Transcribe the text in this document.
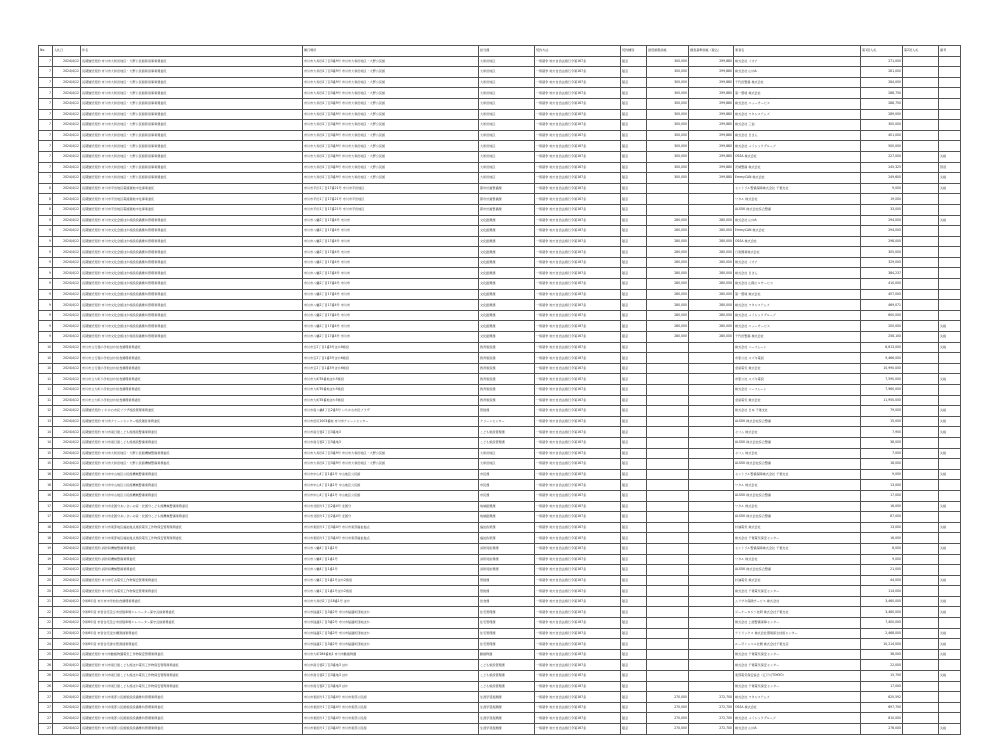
No.	入札日	件名	履行場所	担当課	契約方法	契約種別	最低制限価格	調査基準価格（税込）	業者名	第1回入札	第2回入札	備考
7	2024/4/12	長期継続契約 市川市大和田地区・大野公民館新設事業費委託	市川市大和田1丁目3番9号 市川市大和田地区・大野公民館	大和田地区	一般競争 地方自治法施行令第167条	随意	300,000	299,880	株式会社 イオア	271,000		
7	2024/4/12	長期継続契約 市川市大和田地区・大野公民館新設事業費委託	市川市大和田1丁目3番9号 市川市大和田地区・大野公民館	大和田地区	一般競争 地方自治法施行令第167条	随意	300,000	299,880	株式会社 山中A	281,000		
7	2024/4/12	長期継続契約 市川市大和田地区・大野公民館新設事業費委託	市川市大和田1丁目3番9号 市川市大和田地区・大野公民館	大和田地区	一般競争 地方自治法施行令第167条	随意	300,000	299,880	千代田警備 株式会社	284,000		
7	2024/4/12	長期継続契約 市川市大和田地区・大野公民館新設事業費委託	市川市大和田1丁目3番9号 市川市大和田地区・大野公民館	大和田地区	一般競争 地方自治法施行令第167条	随意	300,000	299,880	第一環境 株式会社	288,750		
7	2024/4/12	長期継続契約 市川市大和田地区・大野公民館新設事業費委託	市川市大和田1丁目3番9号 市川市大和田地区・大野公民館	大和田地区	一般競争 地方自治法施行令第167条	随意	300,000	299,880	株式会社 ニューサービス	288,750		
7	2024/4/12	長期継続契約 市川市大和田地区・大野公民館新設事業費委託	市川市大和田1丁目3番9号 市川市大和田地区・大野公民館	大和田地区	一般競争 地方自治法施行令第167条	随意	300,000	299,880	株式会社 ワタシステムズ	289,000		
7	2024/4/12	長期継続契約 市川市大和田地区・大野公民館新設事業費委託	市川市大和田1丁目3番9号 市川市大和田地区・大野公民館	大和田地区	一般競争 地方自治法施行令第167条	随意	300,000	299,880	株式会社 三信	300,000		
7	2024/4/12	長期継続契約 市川市大和田地区・大野公民館新設事業費委託	市川市大和田1丁目3番9号 市川市大和田地区・大野公民館	大和田地区	一般競争 地方自治法施行令第167条	随意	300,000	299,880	株式会社 日さん	401,000		
7	2024/4/12	長期継続契約 市川市大和田地区・大野公民館新設事業費委託	市川市大和田1丁目3番9号 市川市大和田地区・大野公民館	大和田地区	一般競争 地方自治法施行令第167条	随意	300,000	299,880	株式会社 メイシックグループ	500,000		
7	2024/4/12	長期継続契約 市川市大和田地区・大野公民館新設事業費委託	市川市大和田1丁目3番9号 市川市大和田地区・大野公民館	大和田地区	一般競争 地方自治法施行令第167条	随意	300,000	299,880	OSSA 株式会社	227,000		失格
7	2024/4/12	長期継続契約 市川市大和田地区・大野公民館新設事業費委託	市川市大和田1丁目3番9号 市川市大和田地区・大野公民館	大和田地区	一般競争 地方自治法施行令第167条	随意	300,000	299,880	茨城警備 株式会社	245,325		辞退
7	2024/4/12	長期継続契約 市川市大和田地区・大野公民館新設事業費委託	市川市大和田1丁目3番9号 市川市大和田地区・大野公民館	大和田地区	一般競争 地方自治法施行令第167条	随意	300,000	299,880	EmmyCAN 株式会社	249,600		失格
8	2024/4/12	長期継続契約 市川市平田地区電線類地中化事業委託	市川市平田1丁目17番21号 市川市平田地区	都市計画整備課	一般競争 地方自治法施行令第167条	随意			セントラル警備保障株式会社 千葉支社	9,000		失格
8	2024/4/12	長期継続契約 市川市平田地区電線類地中化事業委託	市川市平田1丁目17番21号 市川市平田地区	都市計画整備課	一般競争 地方自治法施行令第167条	随意			ワタル 株式会社	19,000		
8	2024/4/12	長期継続契約 市川市平田地区電線類地中化事業委託	市川市平田1丁目17番21号 市川市平田地区	都市計画整備課	一般競争 地方自治法施行令第167条	随意			ALSOK 株式会社綜合警備	33,000		
9	2024/4/12	長期継続契約 市川市文化会館ほか施設設備維持管理業務委託	市川市八幡2丁目17番4号 市川市	文化振興課	一般競争 地方自治法施行令第167条	随意	280,000	280,000	株式会社 山中A	294,000		失格
9	2024/4/12	長期継続契約 市川市文化会館ほか施設設備維持管理業務委託	市川市八幡2丁目17番4号 市川市	文化振興課	一般競争 地方自治法施行令第167条	随意	280,000	280,000	EmmyCAN 株式会社	294,000		
9	2024/4/12	長期継続契約 市川市文化会館ほか施設設備維持管理業務委託	市川市八幡2丁目17番4号 市川市	文化振興課	一般競争 地方自治法施行令第167条	随意	280,000	280,000	OSSA 株式会社	298,000		
9	2024/4/12	長期継続契約 市川市文化会館ほか施設設備維持管理業務委託	市川市八幡2丁目17番4号 市川市	文化振興課	一般競争 地方自治法施行令第167条	随意	280,000	280,000	日東興業株式会社	305,000		
9	2024/4/12	長期継続契約 市川市文化会館ほか施設設備維持管理業務委託	市川市八幡2丁目17番4号 市川市	文化振興課	一般競争 地方自治法施行令第167条	随意	280,000	280,000	株式会社 イオア	329,000		
9	2024/4/12	長期継続契約 市川市文化会館ほか施設設備維持管理業務委託	市川市八幡2丁目17番4号 市川市	文化振興課	一般競争 地方自治法施行令第167条	随意	280,000	280,000	株式会社 日さん	384,237		
9	2024/4/12	長期継続契約 市川市文化会館ほか施設設備維持管理業務委託	市川市八幡2丁目17番4号 市川市	文化振興課	一般競争 地方自治法施行令第167条	随意	280,000	280,000	株式会社 山陽ビルサービス	410,000		
9	2024/4/12	長期継続契約 市川市文化会館ほか施設設備維持管理業務委託	市川市八幡2丁目17番4号 市川市	文化振興課	一般競争 地方自治法施行令第167条	随意	280,000	280,000	第一環境 株式会社	457,000		
9	2024/4/12	長期継続契約 市川市文化会館ほか施設設備維持管理業務委託	市川市八幡2丁目17番4号 市川市	文化振興課	一般競争 地方自治法施行令第167条	随意	280,000	280,000	株式会社 ワタシステムズ	469,071		
9	2024/4/12	長期継続契約 市川市文化会館ほか施設設備維持管理業務委託	市川市八幡2丁目17番4号 市川市	文化振興課	一般競争 地方自治法施行令第167条	随意	280,000	280,000	株式会社 メイシックグループ	600,000		
9	2024/4/12	長期継続契約 市川市文化会館ほか施設設備維持管理業務委託	市川市八幡2丁目17番4号 市川市	文化振興課	一般競争 地方自治法施行令第167条	随意	280,000	280,000	株式会社 ニューサービス	200,000		失格
9	2024/4/12	長期継続契約 市川市文化会館ほか施設設備維持管理業務委託	市川市八幡2丁目17番4号 市川市	文化振興課	一般競争 地方自治法施行令第167条	随意	280,000	280,000	千代田警備 株式会社	258,100		失格
10	2024/4/12	市川市立行徳小学校ほか給食調理業務委託	市川市宝2丁目1番5号ほか6施設	教育施設課	一般競争 地方自治法施行令第167条	随意			株式会社 ハーフムーン	8,613,000		失格
10	2024/4/12	市川市立行徳小学校ほか給食調理業務委託	市川市宝2丁目1番5号ほか6施設	教育施設課	一般競争 地方自治法施行令第167条	随意			市原公社 スズキ電設	9,466,000		
10	2024/4/12	市川市立行徳小学校ほか給食調理業務委託	市川市宝2丁目1番5号ほか6施設	教育施設課	一般競争 地方自治法施行令第167条	随意			金星電気 株式会社	10,990,000		
11	2024/4/12	市川市立大町小学校ほか給食調理業務委託	市川市大町55番地ほか5施設	教育施設課	一般競争 地方自治法施行令第167条	随意			市原公社 スズキ電設	7,590,000		失格
11	2024/4/12	市川市立大町小学校ほか給食調理業務委託	市川市大町55番地ほか5施設	教育施設課	一般競争 地方自治法施行令第167条	随意			株式会社 ハーフムーン	7,960,000		
11	2024/4/12	市川市立大町小学校ほか給食調理業務委託	市川市大町55番地ほか5施設	教育施設課	一般競争 地方自治法施行令第167条	随意			金星電気 株式会社	11,950,000		
12	2024/4/12	長期継続契約 いちかわ市民プラザ施設管理業務委託	市川市南八幡4丁目2番5号 いちかわ市民プラザ	管財課	一般競争 地方自治法施行令第167条	随意			株式会社 日本 千葉支社	79,000		失格
13	2024/4/12	長期継続契約 市川市クリーンセンター施設運営業務委託	市川市田尻1003番地 市川市クリーンセンター	クリーンセンター	一般競争 地方自治法施行令第167条	随意			ALSOK 株式会社綜合警備	15,000		失格
14	2024/4/12	長期継続契約 市川市南行徳こども館施設警備業務委託	市川市南行徳2丁目3番地3	こども施設管理課	一般競争 地方自治法施行令第167条	随意			セコム 株式会社	7,900		失格
14	2024/4/12	長期継続契約 市川市南行徳こども館施設警備業務委託	市川市南行徳2丁目3番地3	こども施設管理課	一般競争 地方自治法施行令第167条	随意			ALSOK 株式会社綜合警備	38,000		
15	2024/4/12	長期継続契約 市川市大和田地区・大野公民館機械警備業務委託	市川市大和田1丁目3番9号 市川市大和田地区・大野公民館	大和田地区	一般競争 地方自治法施行令第167条	随意			セコム 株式会社	7,000		失格
15	2024/4/12	長期継続契約 市川市大和田地区・大野公民館機械警備業務委託	市川市大和田1丁目3番9号 市川市大和田地区・大野公民館	大和田地区	一般競争 地方自治法施行令第167条	随意			ALSOK 株式会社綜合警備	16,000		
16	2024/4/12	長期継続契約 市川市中山地区公民館機械警備業務委託	市川市中山4丁目1番1号 中山地区公民館	市民課	一般競争 地方自治法施行令第167条	随意			セントラル警備保障株式会社 千葉支社	9,000		失格
16	2024/4/12	長期継続契約 市川市中山地区公民館機械警備業務委託	市川市中山4丁目1番1号 中山地区公民館	市民課	一般競争 地方自治法施行令第167条	随意			ワタル 株式会社	13,000		
16	2024/4/12	長期継続契約 市川市中山地区公民館機械警備業務委託	市川市中山4丁目1番1号 中山地区公民館	市民課	一般競争 地方自治法施行令第167条	随意			ALSOK 株式会社綜合警備	17,000		
17	2024/4/12	長期継続契約 市川市北国分あいさいの家・北国分こども館機械警備業務委託	市川市北国分1丁目2番4号 北国分	地域振興課	一般競争 地方自治法施行令第167条	随意			ワタル 株式会社	16,000		失格
17	2024/4/12	長期継続契約 市川市北国分あいさいの家・北国分こども館機械警備業務委託	市川市北国分1丁目2番4号 北国分	地域振興課	一般競争 地方自治法施行令第167条	随意			ALSOK 株式会社綜合警備	87,000		
18	2024/4/12	長期継続契約 市川市東部地区福祉拠点施設電気工作物保安管理業務委託	市川市東国分1丁目3番4号 市川市東部福祉拠点	福祉政策課	一般競争 地方自治法施行令第167条	随意			杉浦電気 株式会社	13,000		失格
18	2024/4/12	長期継続契約 市川市東部地区福祉拠点施設電気工作物保安管理業務委託	市川市東国分1丁目3番4号 市川市東部福祉拠点	福祉政策課	一般競争 地方自治法施行令第167条	随意			株式会社 千葉電気保安センター	16,000		
19	2024/4/12	長期継続契約 消防局機械警備業務委託	市川市八幡4丁目1番1号	消防局総務課	一般競争 地方自治法施行令第167条	随意			セントラル警備保障株式会社 千葉支社	8,000		失格
19	2024/4/12	長期継続契約 消防局機械警備業務委託	市川市八幡4丁目1番1号	消防局総務課	一般競争 地方自治法施行令第167条	随意			ワタル 株式会社	9,000		
19	2024/4/12	長期継続契約 消防局機械警備業務委託	市川市八幡4丁目1番1号	消防局総務課	一般競争 地方自治法施行令第167条	随意			ALSOK 株式会社綜合警備	21,000		
20	2024/4/12	長期継続契約 市川市庁舎電気工作物保安管理業務委託	市川市八幡1丁目1番1号ほか2施設	管財課	一般競争 地方自治法施行令第167条	随意			杉浦電気 株式会社	44,000		失格
20	2024/4/12	長期継続契約 市川市庁舎電気工作物保安管理業務委託	市川市八幡1丁目1番1号ほか2施設	管財課	一般競争 地方自治法施行令第167条	随意			株式会社 千葉電気保安センター	114,000		
21	2024/4/12	令和6年度 市川市中学校給食調理業務委託	市川市大和田2丁目18番1号 ほか	給食課	一般競争 地方自治法施行令第167条	随意			ムラサキ保険サービス 株式会社	3,460,000		失格
22	2024/4/12	令和6年度 市営住宅及び市営駐車場エレベーター保守点検業務委託	市川市稲越1丁目3番2号 市川市稲越町団地ほか	住宅管理課	一般競争 地方自治法施行令第167条	随意			ジーケーロジソ技研 株式会社千葉支社	3,480,000		失格
22	2024/4/12	令和6年度 市営住宅及び市営駐車場エレベーター保守点検業務委託	市川市稲越1丁目3番2号 市川市稲越町団地ほか	住宅管理課	一般競争 地方自治法施行令第167条	随意			株式会社 上総警備保障センター	7,400,000		
23	2024/4/12	令和6年度 市営住宅受水槽清掃業務委託	市川市稲越1丁目3番2号 市川市稲越町団地ほか	住宅管理課	一般競争 地方自治法施行令第167条	随意			テトラックス 株式会社環境保全技術センター	2,468,000		失格
24	2024/4/12	令和6年度 市営住宅排水管清掃業務委託	市川市稲越1丁目3番2号 市川市稲越町団地ほか	住宅管理課	一般競争 地方自治法施行令第167条	随意			ルーヴァンエル北興 株式会社千葉支店	10,214,000		失格
25	2024/4/12	長期継続契約 市川市動植物園電気工作物保安管理業務委託	市川市大町284番地1 市川市動植物園	動植物園	一般競争 地方自治法施行令第167条	随意			株式会社 千葉電気保安センター	38,000		失格
26	2024/4/12	長期継続契約 市川市南行徳こども館ほか電気工作物保安管理業務委託	市川市南行徳2丁目3番地3 ほか	こども施設管理課	一般競争 地方自治法施行令第167条	随意			株式会社 千葉電気保安センター	22,000		
26	2024/4/12	長期継続契約 市川市南行徳こども館ほか電気工作物保安管理業務委託	市川市南行徳2丁目3番地3 ほか	こども施設管理課	一般競争 地方自治法施行令第167条	随意			東部電気保安協会（江戸川TOKYO）	15,700		失格
26	2024/4/12	長期継続契約 市川市南行徳こども館ほか電気工作物保安管理業務委託	市川市南行徳2丁目3番地3 ほか	こども施設管理課	一般競争 地方自治法施行令第167条	随意			株式会社 千葉電気保安センター	17,000		
27	2024/4/12	長期継続契約 市川市東部公民館施設設備維持管理業務委託	市川市東国分1丁目3番4号 市川市東部公民館	生涯学習振興課	一般競争 地方自治法施行令第167条	随意	270,000	272,700	株式会社 ワタシステムズ	620,592		
27	2024/4/12	長期継続契約 市川市東部公民館施設設備維持管理業務委託	市川市東国分1丁目3番4号 市川市東部公民館	生涯学習振興課	一般競争 地方自治法施行令第167条	随意	270,000	272,700	OSSA 株式会社	697,700		
27	2024/4/12	長期継続契約 市川市東部公民館施設設備維持管理業務委託	市川市東国分1丁目3番4号 市川市東部公民館	生涯学習振興課	一般競争 地方自治法施行令第167条	随意	270,000	272,700	株式会社 メイシックグループ	810,000		
27	2024/4/12	長期継続契約 市川市東部公民館施設設備維持管理業務委託	市川市東国分1丁目3番4号 市川市東部公民館	生涯学習振興課	一般競争 地方自治法施行令第167条	随意	270,000	272,700	株式会社 山中A	276,000		失格
